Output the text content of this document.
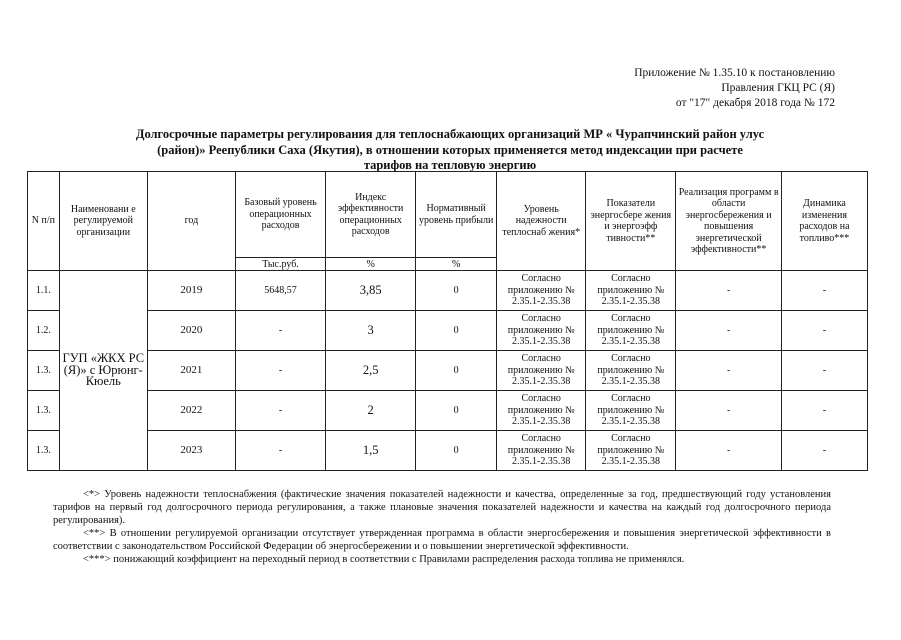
Приложение № 1.35.10 к постановлению
Правления ГКЦ РС (Я)
от "17" декабря 2018 года № 172
Долгосрочные параметры регулирования для теплоснабжающих организаций МР « Чурапчинский район улус
(район)» Реепублики Саха (Якутия), в отношении которых применяется метод индексации при расчете
тарифов на тепловую энергию
N п/п	Наименовани е регулируемой организации	год	Базовый уровень операционных расходов	Индекс эффективности операционных расходов	Нормативный уровень прибыли	Уровень надежности теплоснаб жения*	Показатели энергосбере жения и энергоэфф тивности**	Реализация программ в области энергосбережения и повышения энергетической эффективности**	Динамика изменения расходов на топливо***
			Тыс.руб.	%	%				
1.1.	ГУП «ЖКХ РС (Я)» с Юрюнг-Кюель	2019	5648,57	3,85	0	Согласно приложению № 2.35.1-2.35.38	Согласно приложению № 2.35.1-2.35.38	-	-
1.2.		2020	-	3	0	Согласно приложению № 2.35.1-2.35.38	Согласно приложению № 2.35.1-2.35.38	-	-
1.3.		2021	-	2,5	0	Согласно приложению № 2.35.1-2.35.38	Согласно приложению № 2.35.1-2.35.38	-	-
1.3.		2022	-	2	0	Согласно приложению № 2.35.1-2.35.38	Согласно приложению № 2.35.1-2.35.38	-	-
1.3.		2023	-	1,5	0	Согласно приложению № 2.35.1-2.35.38	Согласно приложению № 2.35.1-2.35.38	-	-

<*> Уровень надежности теплоснабжения (фактические значения показателей надежности и качества, определенные за год, предшествующий году установления тарифов на первый год долгосрочного периода регулирования, а также плановые значения показателей надежности и качества на каждый год долгосрочного периода регулирования).

<**> В отношении регулируемой организации отсутствует утвержденная программа в области энергосбережения и повышения энергетической эффективности в соответствии с законодательством Российской Федерации об энергосбережении и о повышении энергетической эффективности.

<***> понижающий коэффициент на переходный период в соответствии с Правилами распределения расхода топлива не применялся.
